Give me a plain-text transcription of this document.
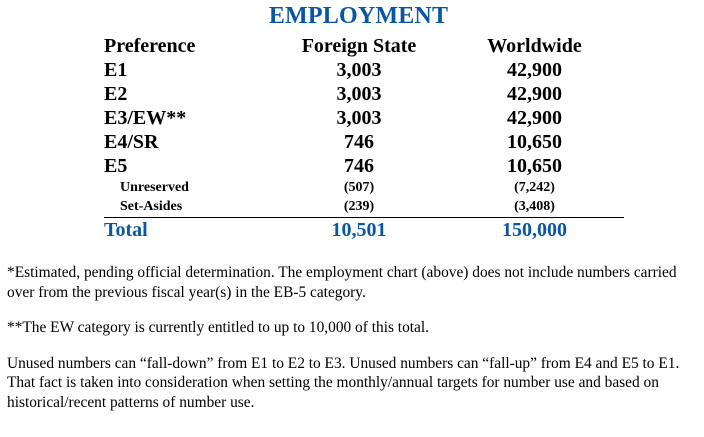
EMPLOYMENT
Preference	Foreign State	Worldwide
E1	3,003	42,900
E2	3,003	42,900
E3/EW**	3,003	42,900
E4/SR	746	10,650
E5	746	10,650
Unreserved	(507)	(7,242)
Set-Asides	(239)	(3,408)
Total	10,501	150,000

*Estimated, pending official determination. The employment chart (above) does not include numbers carried over from the previous fiscal year(s) in the EB-5 category.

**The EW category is currently entitled to up to 10,000 of this total.

Unused numbers can “fall-down” from E1 to E2 to E3. Unused numbers can “fall-up” from E4 and E5 to E1. That fact is taken into consideration when setting the monthly/annual targets for number use and based on historical/recent patterns of number use.
